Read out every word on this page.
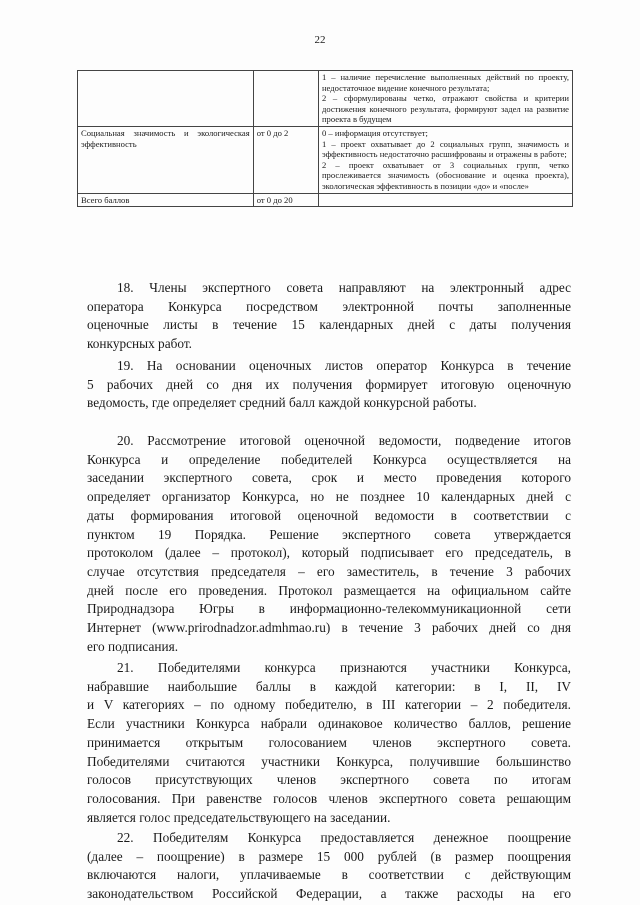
22

		1 – наличие перечисление выполненных действий по проекту, недостаточное видение конечного результата;
2 – сформулированы четко, отражают свойства и критерии достижения конечного результата, формируют задел на развитие проекта в будущем

Социальная значимость и экологическая эффективность	от 0 до 2	0 – информация отсутствует;
1 – проект охватывает до 2 социальных групп, значимость и эффективность недостаточно расшифрованы и отражены в работе;
2 – проект охватывает от 3 социальных групп, четко прослеживается значимость (обоснование и оценка проекта), экологическая эффективность в позиции «до» и «после»

Всего баллов	от 0 до 20	
18. Члены экспертного совета направляют на электронный адрес
оператора Конкурса посредством электронной почты заполненные
оценочные листы в течение 15 календарных дней с даты получения
конкурсных работ.
19. На основании оценочных листов оператор Конкурса в течение
5 рабочих дней со дня их получения формирует итоговую оценочную
ведомость, где определяет средний балл каждой конкурсной работы.
20. Рассмотрение итоговой оценочной ведомости, подведение итогов
Конкурса и определение победителей Конкурса осуществляется на
заседании экспертного совета, срок и место проведения которого
определяет организатор Конкурса, но не позднее 10 календарных дней с
даты формирования итоговой оценочной ведомости в соответствии с
пунктом 19 Порядка. Решение экспертного совета утверждается
протоколом (далее – протокол), который подписывает его председатель, в
случае отсутствия председателя – его заместитель, в течение 3 рабочих
дней после его проведения. Протокол размещается на официальном сайте
Природнадзора Югры в информационно-телекоммуникационной сети
Интернет (www.prirodnadzor.admhmao.ru) в течение 3 рабочих дней со дня
его подписания.
21. Победителями конкурса признаются участники Конкурса,
набравшие наибольшие баллы в каждой категории: в I, II, IV
и V категориях – по одному победителю, в III категории – 2 победителя.
Если участники Конкурса набрали одинаковое количество баллов, решение
принимается открытым голосованием членов экспертного совета.
Победителями считаются участники Конкурса, получившие большинство
голосов присутствующих членов экспертного совета по итогам
голосования. При равенстве голосов членов экспертного совета решающим
является голос председательствующего на заседании.
22. Победителям Конкурса предоставляется денежное поощрение
(далее – поощрение) в размере 15 000 рублей (в размер поощрения
включаются налоги, уплачиваемые в соответствии с действующим
законодательством Российской Федерации, а также расходы на его
